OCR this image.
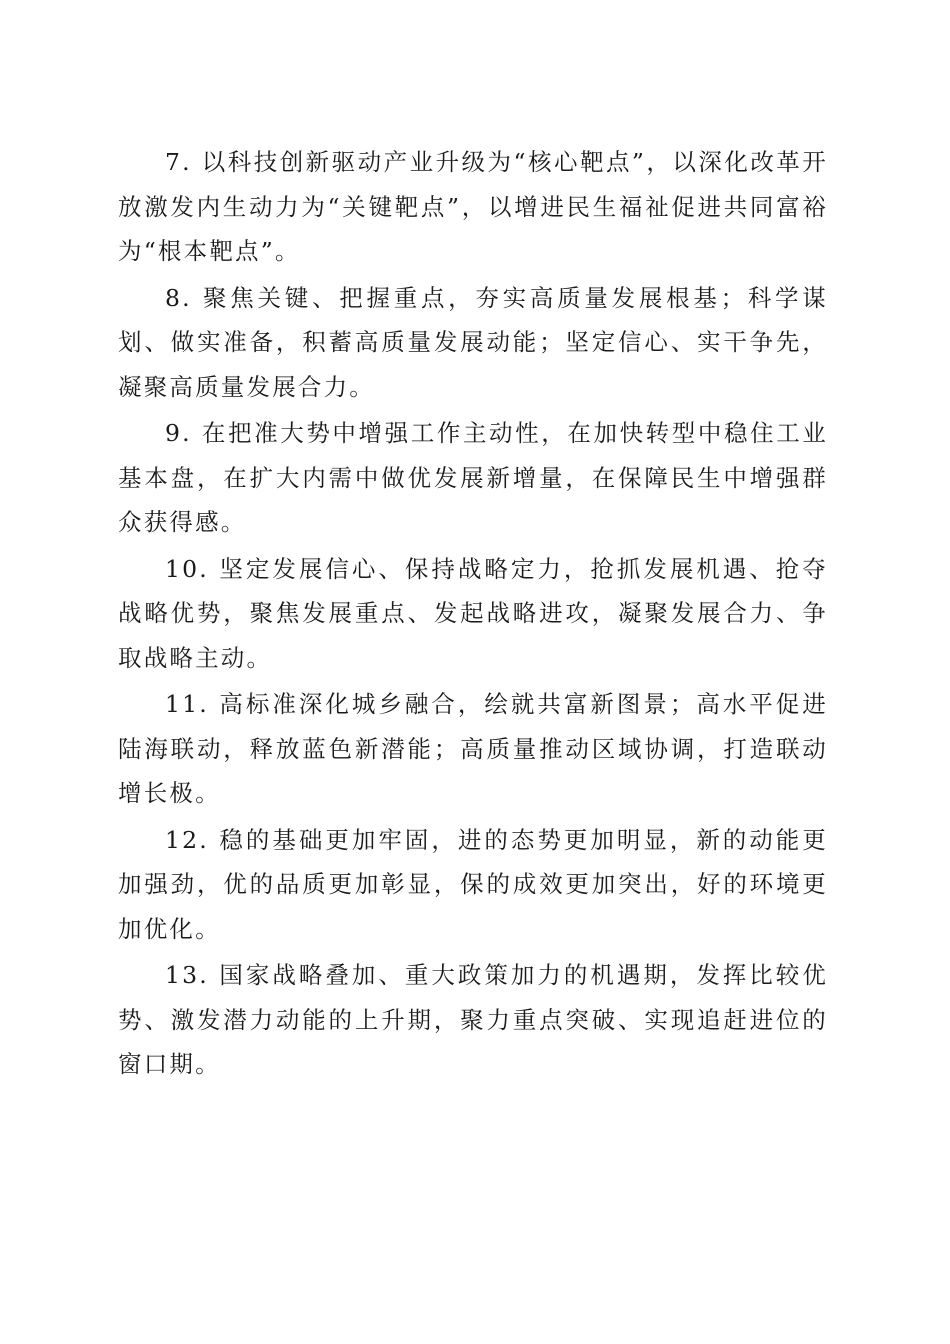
7. 以科技创新驱动产业升级为“核心靶点”，以深化改革开放激发内生动力为“关键靶点”，以增进民生福祉促进共同富裕为“根本靶点”。

8. 聚焦关键、把握重点，夯实高质量发展根基；科学谋划、做实准备，积蓄高质量发展动能；坚定信心、实干争先，凝聚高质量发展合力。

9. 在把准大势中增强工作主动性，在加快转型中稳住工业基本盘，在扩大内需中做优发展新增量，在保障民生中增强群众获得感。

10. 坚定发展信心、保持战略定力，抢抓发展机遇、抢夺战略优势，聚焦发展重点、发起战略进攻，凝聚发展合力、争取战略主动。

11. 高标准深化城乡融合，绘就共富新图景；高水平促进陆海联动，释放蓝色新潜能；高质量推动区域协调，打造联动增长极。

12. 稳的基础更加牢固，进的态势更加明显，新的动能更加强劲，优的品质更加彰显，保的成效更加突出，好的环境更加优化。

13. 国家战略叠加、重大政策加力的机遇期，发挥比较优势、激发潜力动能的上升期，聚力重点突破、实现追赶进位的窗口期。
